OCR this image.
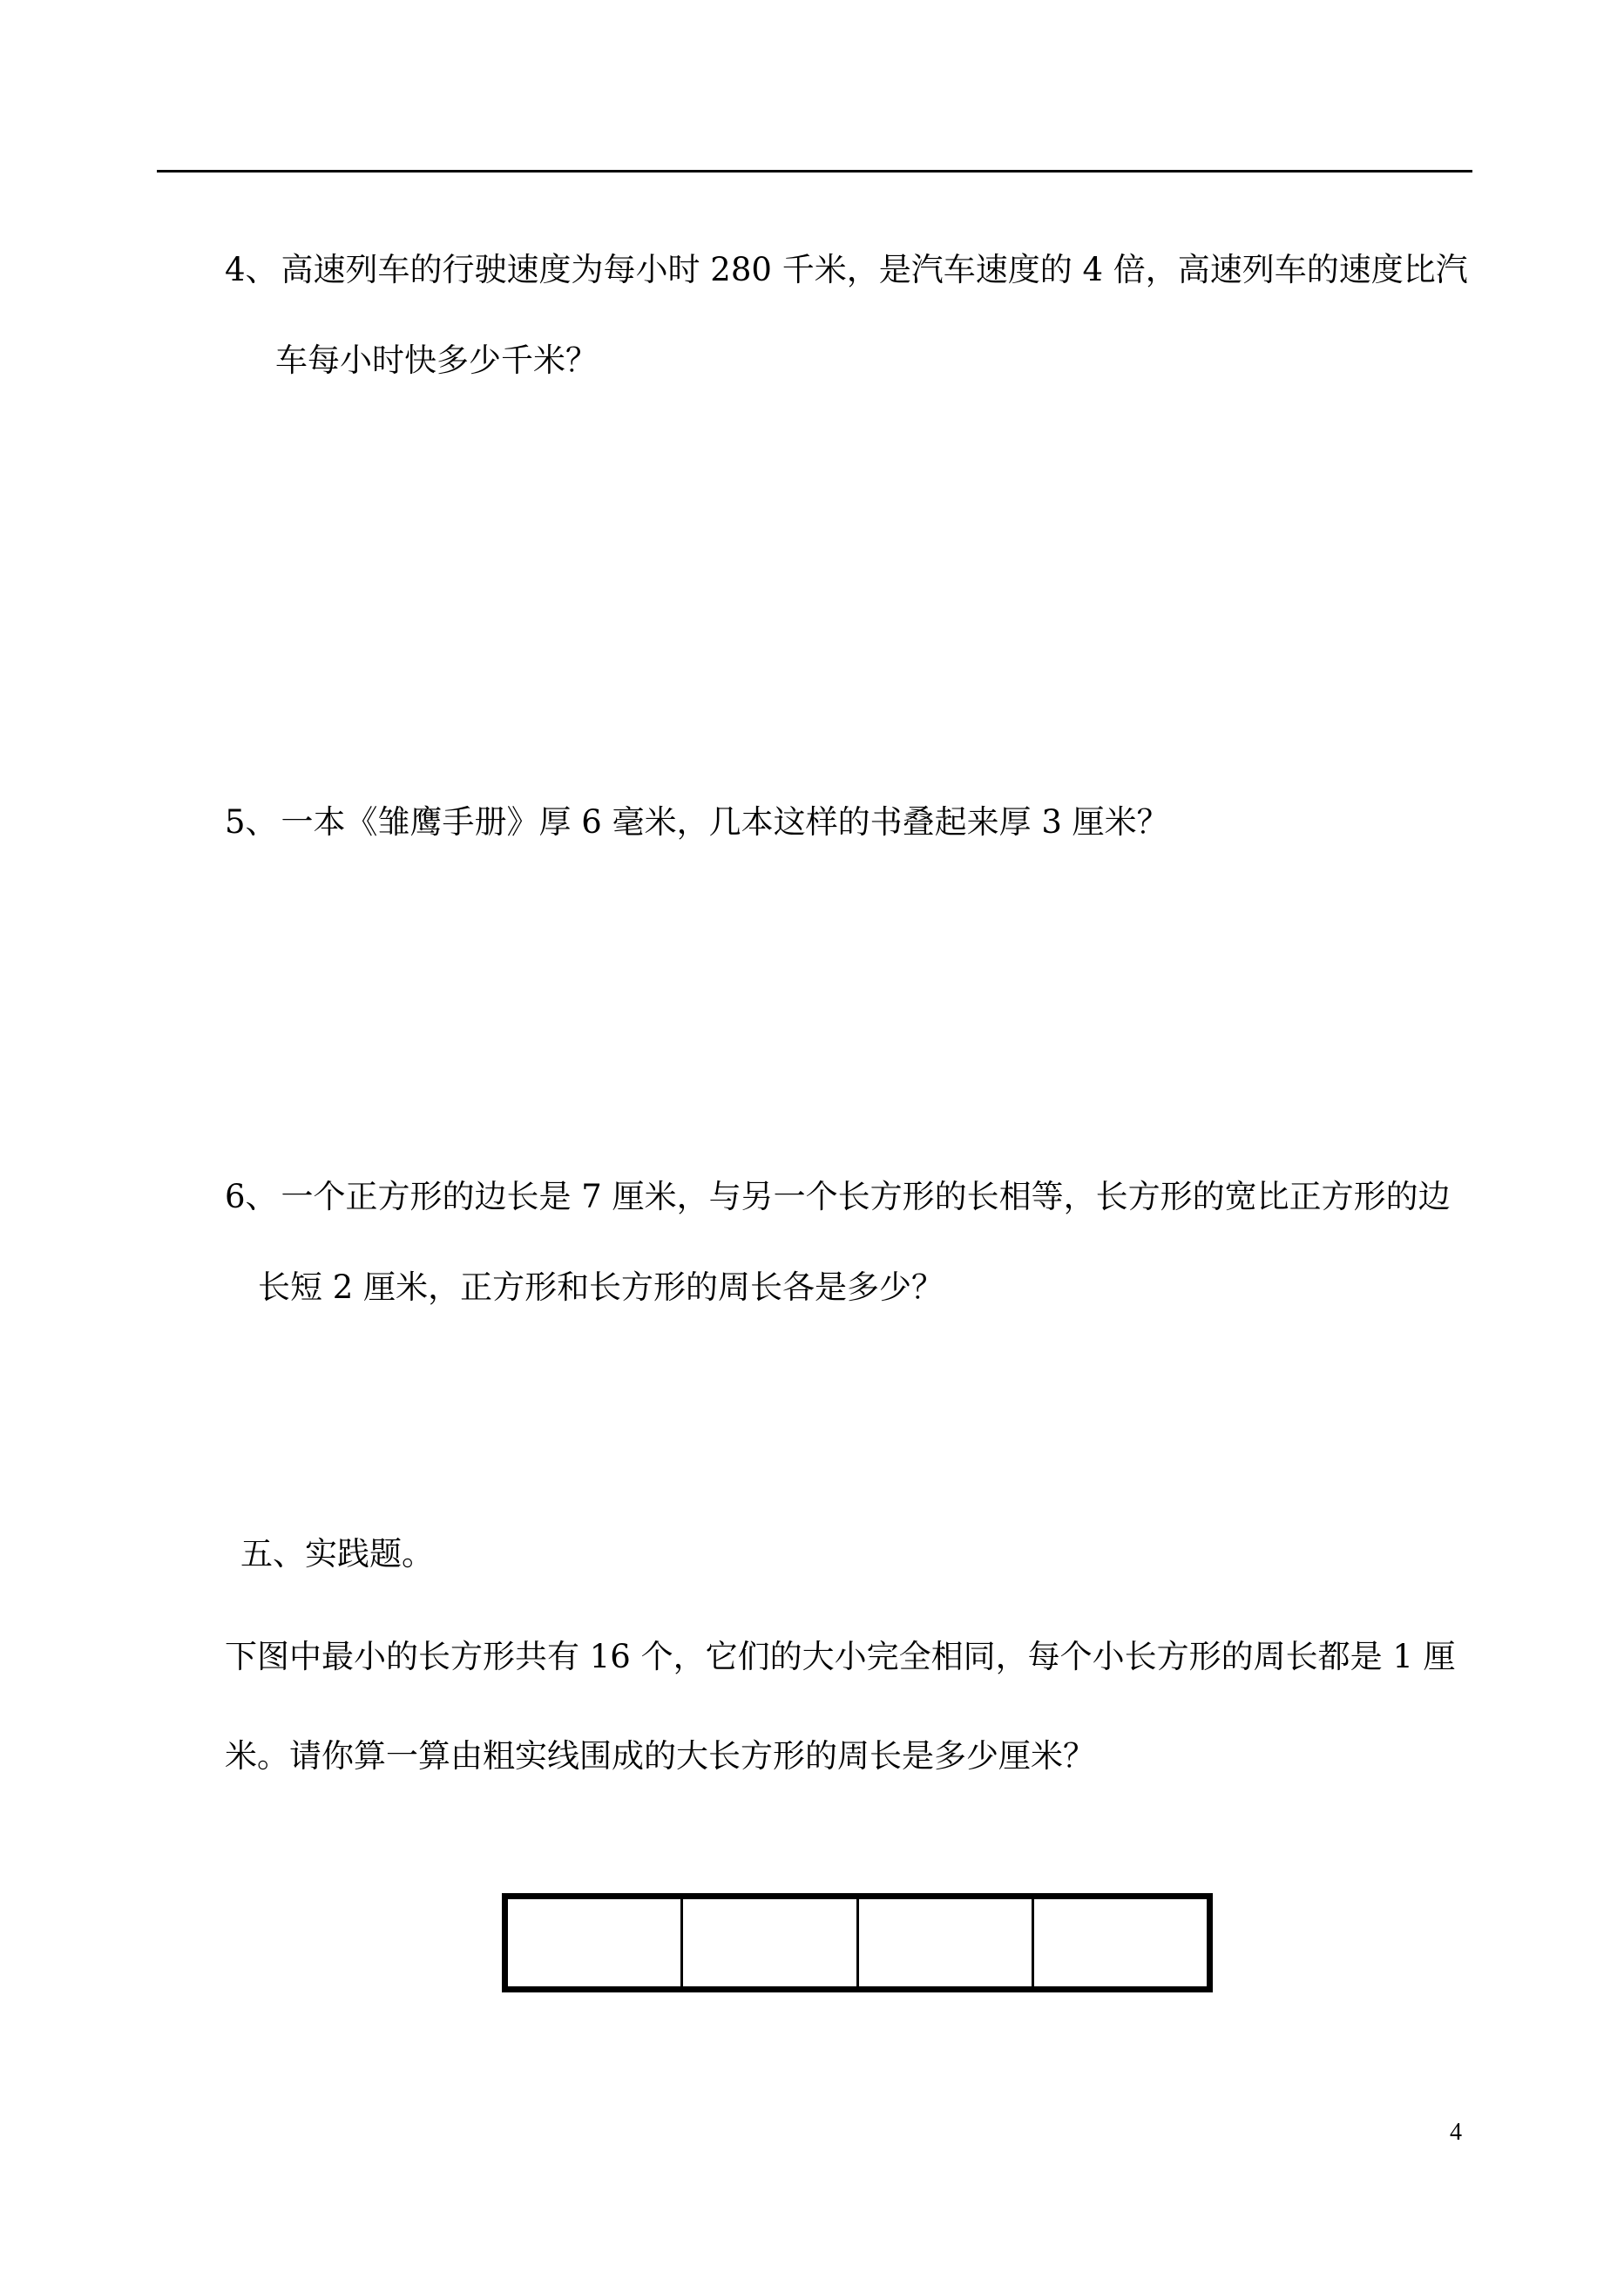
4、 高速列车的行驶速度为每小时 280 千米，是汽车速度的 4 倍，高速列车的速度比汽
车每小时快多少千米？
5、 一本《雏鹰手册》厚 6 毫米，几本这样的书叠起来厚 3 厘米？
6、 一个正方形的边长是 7 厘米，与另一个长方形的长相等，长方形的宽比正方形的边
长短 2 厘米，正方形和长方形的周长各是多少？
五、实践题。
下图中最小的长方形共有 16 个，它们的大小完全相同，每个小长方形的周长都是 1 厘
米。请你算一算由粗实线围成的大长方形的周长是多少厘米？
4
